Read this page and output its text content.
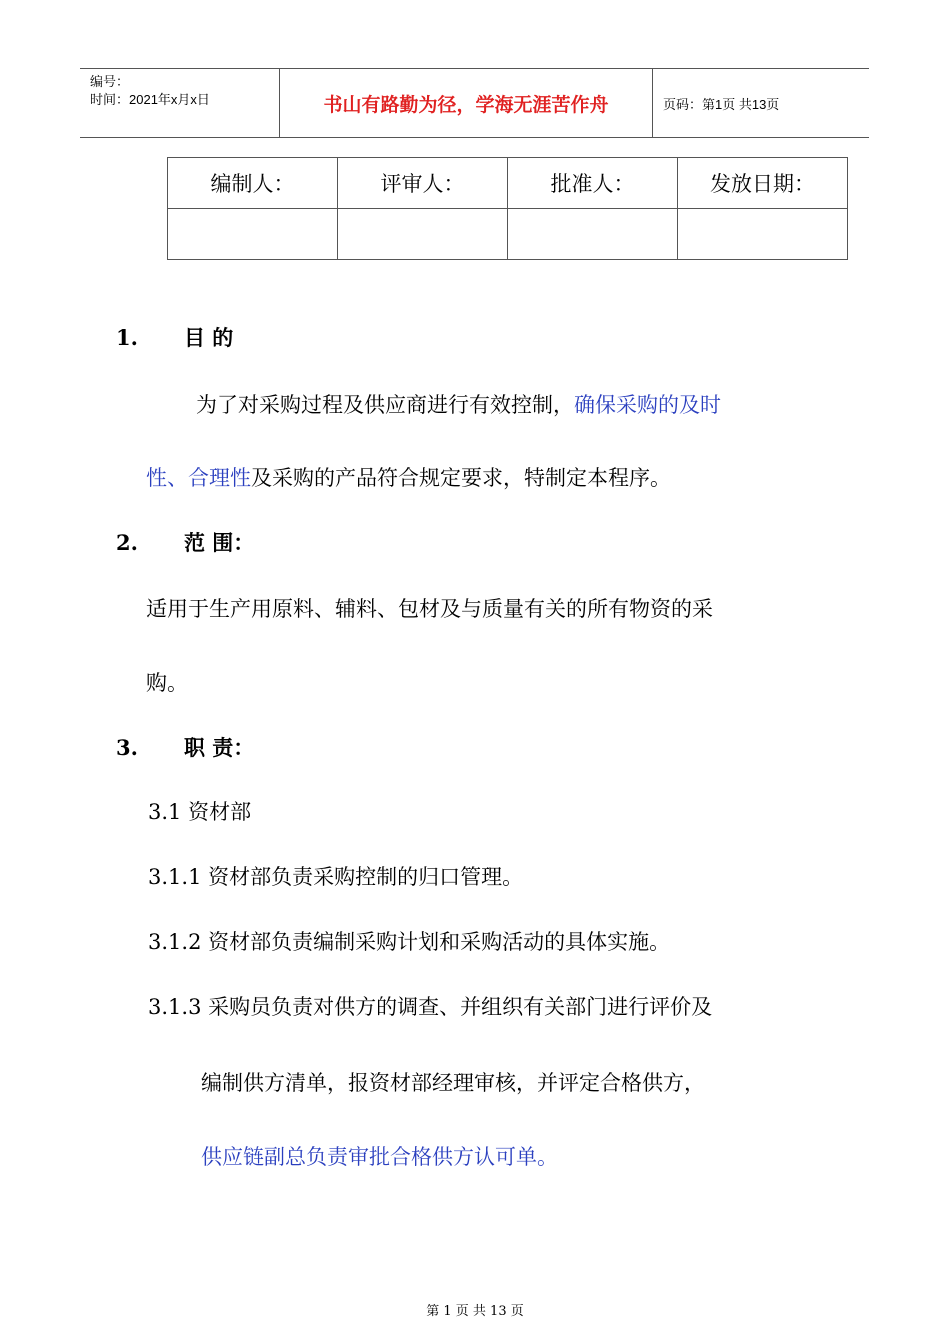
编号：
时间：2021年x月x日	书山有路勤为径，学海无涯苦作舟	页码：第1页 共13页
编制人：	评审人：	批准人：	发放日期：

1. 目 的
为了对采购过程及供应商进行有效控制，确保采购的及时
性、合理性及采购的产品符合规定要求，特制定本程序。
2. 范 围：
适用于生产用原料、辅料、包材及与质量有关的所有物资的采
购。
3. 职 责：
3.1 资材部
3.1.1 资材部负责采购控制的归口管理。
3.1.2 资材部负责编制采购计划和采购活动的具体实施。
3.1.3 采购员负责对供方的调查、并组织有关部门进行评价及
编制供方清单，报资材部经理审核，并评定合格供方，
供应链副总负责审批合格供方认可单。
第 1 页 共 13 页
